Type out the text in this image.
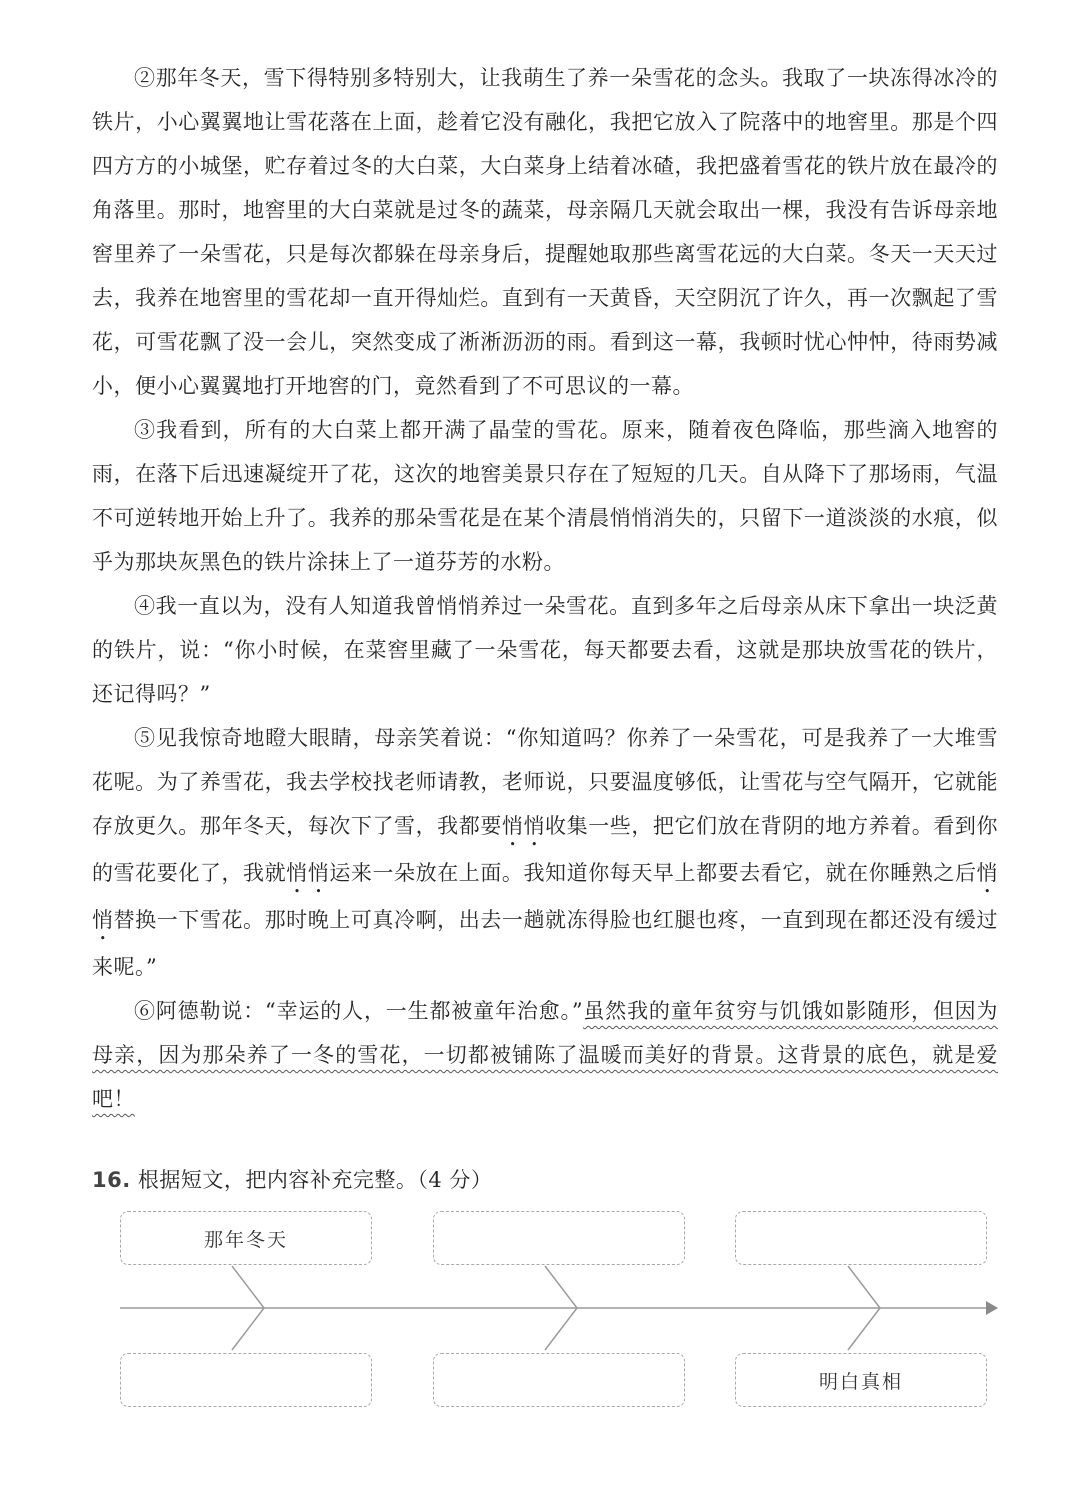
②那年冬天，雪下得特别多特别大，让我萌生了养一朵雪花的念头。我取了一块冻得冰冷的铁片，小心翼翼地让雪花落在上面，趁着它没有融化，我把它放入了院落中的地窖里。那是个四四方方的小城堡，贮存着过冬的大白菜，大白菜身上结着冰碴，我把盛着雪花的铁片放在最冷的角落里。那时，地窖里的大白菜就是过冬的蔬菜，母亲隔几天就会取出一棵，我没有告诉母亲地窖里养了一朵雪花，只是每次都躲在母亲身后，提醒她取那些离雪花远的大白菜。冬天一天天过去，我养在地窖里的雪花却一直开得灿烂。直到有一天黄昏，天空阴沉了许久，再一次飘起了雪花，可雪花飘了没一会儿，突然变成了淅淅沥沥的雨。看到这一幕，我顿时忧心忡忡，待雨势减小，便小心翼翼地打开地窖的门，竟然看到了不可思议的一幕。

③我看到，所有的大白菜上都开满了晶莹的雪花。原来，随着夜色降临，那些滴入地窖的雨，在落下后迅速凝绽开了花，这次的地窖美景只存在了短短的几天。自从降下了那场雨，气温不可逆转地开始上升了。我养的那朵雪花是在某个清晨悄悄消失的，只留下一道淡淡的水痕，似乎为那块灰黑色的铁片涂抹上了一道芬芳的水粉。

④我一直以为，没有人知道我曾悄悄养过一朵雪花。直到多年之后母亲从床下拿出一块泛黄的铁片，说：“你小时候，在菜窖里藏了一朵雪花，每天都要去看，这就是那块放雪花的铁片，还记得吗？”

⑤见我惊奇地瞪大眼睛，母亲笑着说：“你知道吗？你养了一朵雪花，可是我养了一大堆雪花呢。为了养雪花，我去学校找老师请教，老师说，只要温度够低，让雪花与空气隔开，它就能存放更久。那年冬天，每次下了雪，我都要悄悄收集一些，把它们放在背阴的地方养着。看到你的雪花要化了，我就悄悄运来一朵放在上面。我知道你每天早上都要去看它，就在你睡熟之后悄悄替换一下雪花。那时晚上可真冷啊，出去一趟就冻得脸也红腿也疼，一直到现在都还没有缓过来呢。”

⑥阿德勒说：“幸运的人，一生都被童年治愈。”虽然我的童年贫穷与饥饿如影随形，但因为母亲，因为那朵养了一冬的雪花，一切都被铺陈了温暖而美好的背景。这背景的底色，就是爱吧！

16. 根据短文，把内容补充完整。（4 分）
那年冬天
明白真相
